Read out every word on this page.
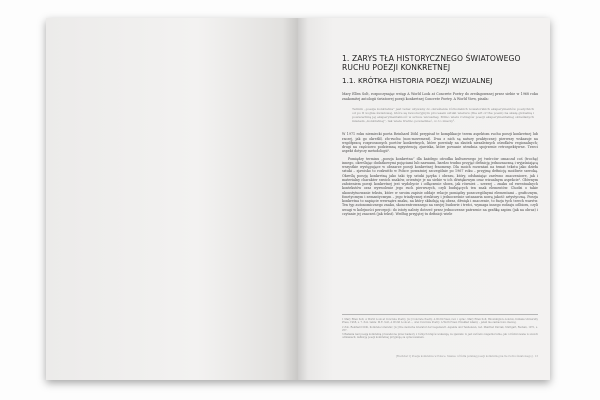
1. ZARYS TŁA HISTORYCZNEGO ŚWIATOWEGO RUCHU POEZJI KONKRETNEJ
1.1. KRÓTKA HISTORIA POEZJI WIZUALNEJ

Mary Ellen Solt, rozpoczynając wstęp A World Look at Concrete Poetry do zredagowanej przez siebie w 1968 roku znakomitej antologii światowej poezji konkretnej Concrete Poetry. A World View, pisała:

Termin „poezja konkretna” jest teraz używany do określenia różnorakich nowatorskich eksperymentów poetyckich od po II wojnie światowej, które są rewolucyjnym procesem sztuki wierszu (the art of the poem) na skalę globalną i powszechną jej eksperymentalność w sztuce wizualnej. Mimo wielu rodzajów poezji eksperymentalnej określanych mianem „konkretnej”, tak wiele trudno powiedzieć, co to znaczy¹.

W 1971 roku niemiecki poeta Reinhard Döhl przypisał te komplikacje trzem aspektom ruchu poezji konkretnej lub raczej, jak go określił, zło-ruchu (non-movement). Dwa z nich są natury praktycznej: pierwszy wskazuje na współpracę rozproszonych poetów konkretnych, które powstały na skutek niezależnych ośrodków regionalnych; drugi na częściowo podziemną egzystencję zjawiska, które powanie utrudnia spojrzenie retrospektywne. Trzeci aspekt dotyczy metodologii².

Pomiędzy terminu „poezja konkretna” dla każdego ośrodka kulturowego jej twórców oznaczał coś (trochę) innego, określając dodatkowymi pojęciami lub nazwami, bardzo trudno przyjąć definicję jednoznaczną i wyjaśniającą wszystkie występujące w obszarze poezji konkretnej fenomeny. Dla moich rozważań na temat tekstu jako dzieła sztuki – zjawisko to rozkwitło w Polsce poważniej szczególnie po 1967 roku – przyjmę definicję możliwie szeroką. Określę poezję konkretną jako taki typ sztuki języka i obrazu, który, odsłaniając zarówno znaczeniowe, jak i materialny charakter swoich znaków, orientuje je na siebie w ich dźwiękowym oraz wizualnym aspekcie³. Głównym założeniem poezji konkretnej jest wydobycie i odłączenie słowa, jak również – szerzej – znaku od ewentualnych kontekstów oraz wyzwolenie jego ruch pierwszych, czyli budujących ten znak elementów. Chodzi o takie ukonstytuowanie tekstu, które w swoim zapisie oddaje relacje pomiędzy poszczególnymi elementami – graficznym, fonetycznym i semantycznym – jego triadycznej struktury i jednocześnie ustanawia nową jakość artystyczną. Poezja konkretna to napięcie wewnątrz znaku, na który składają się obraz, dźwięk i znaczenie, to fuzja tych trzech warstw. Ten typ autonomicznego znaku, skoncentrowanego na swojej budowie i treści, wymaga innego rodzaju odbioru, czyli uwagi w kolejności percepcji: do istoty należy dotrzeć przez jednoczesne patrzenie na grafikę zapisu (jak na obraz) i czytanie jej znaczeń (jak tekst). Według przyjętej tu definicji wiele

1 Mary Ellen Solt, A World Look at Concrete Poetry, [w:] Concrete Poetry. A World View, red. i oprac. Mary Ellen Solt, Bloomington–London, Indiana University Press, 1968, s. 7. Zob. także: M.E. Solt, A World Look at…, oraz Concrete Poetry. A World View. Przekład własny – jeżeli nie zaznaczono inaczej.

2 Zob. Reinhard Döhl, Konkrete Literatur, [w:] Die deutsche Literatur der Gegenwart. Aspekte und Tendenzen, red. Manfred Durzak, Stuttgart, Reclam, 1971, s. 257.

3 Badania nad poezją konkretną prowadzone przez badaczy z różnych krajów wskazują, że zjawisko to jest zarówno niejednorodne, jak i zróżnicowane w swoich odmianach; definicję poezji konkretnej przyjmuję za opracowaniem.

[Rozdział 1] Poezja konkretna w Polsce. Szanse i źródła polskiej poezji konkretnej na tle ruchu światowego] · 13
